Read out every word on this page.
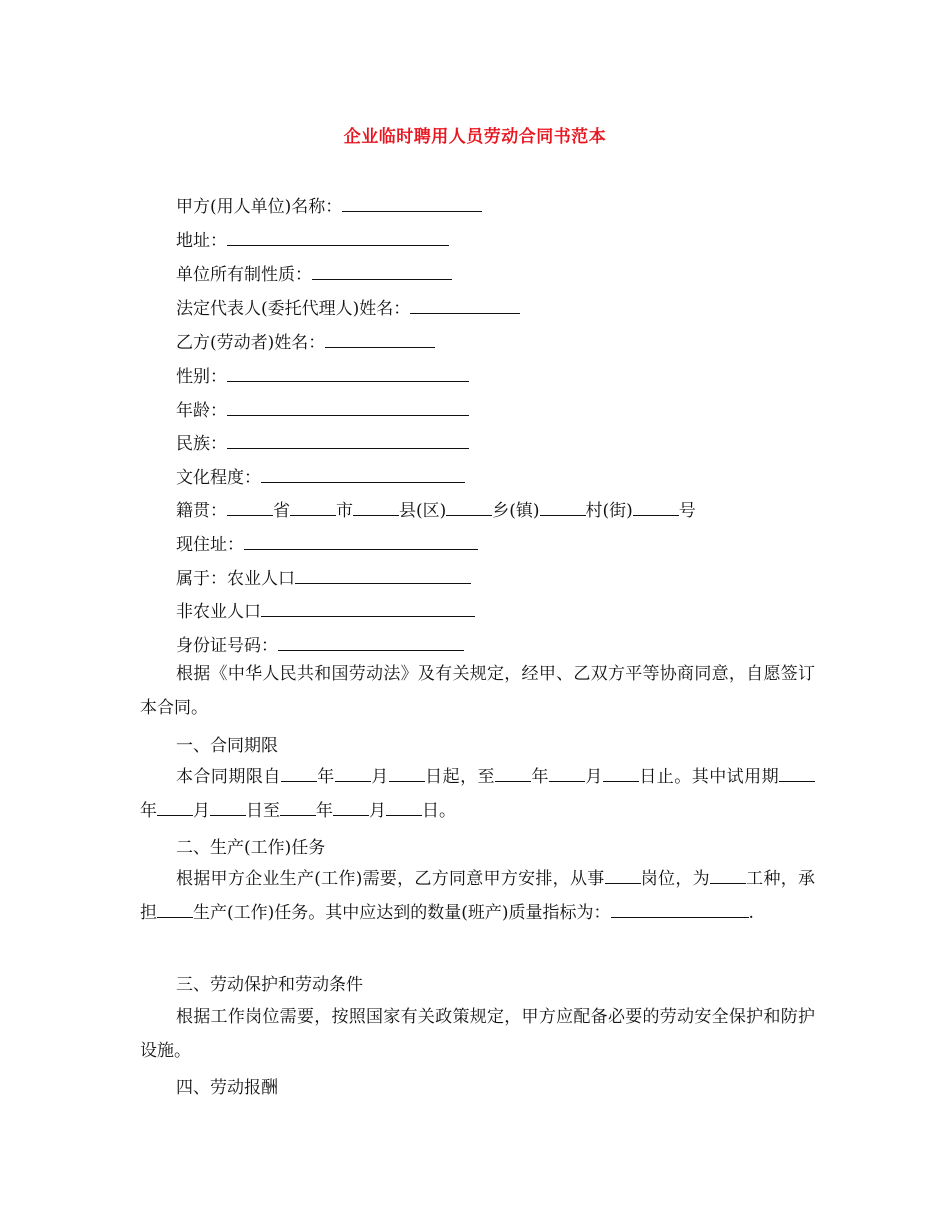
企业临时聘用人员劳动合同书范本
甲方(用人单位)名称：
地址：
单位所有制性质：
法定代表人(委托代理人)姓名：
乙方(劳动者)姓名：
性别：
年龄：
民族：
文化程度：
籍贯：	省	市	县(区)	乡(镇)	村(街)	号
现住址：
属于：农业人口
非农业人口
身份证号码：

根据《中华人民共和国劳动法》及有关规定，经甲、乙双方平等协商同意，自愿签订本合同。

一、合同期限

本合同期限自 年 月 日起，至 年 月 日止。其中试用期年 月 日至 年 月 日。

二、生产(工作)任务

根据甲方企业生产(工作)需要，乙方同意甲方安排，从事 岗位，为 工种，承担 生产(工作)任务。其中应达到的数量(班产)质量指标为：	.

三、劳动保护和劳动条件

根据工作岗位需要，按照国家有关政策规定，甲方应配备必要的劳动安全保护和防护设施。

四、劳动报酬
